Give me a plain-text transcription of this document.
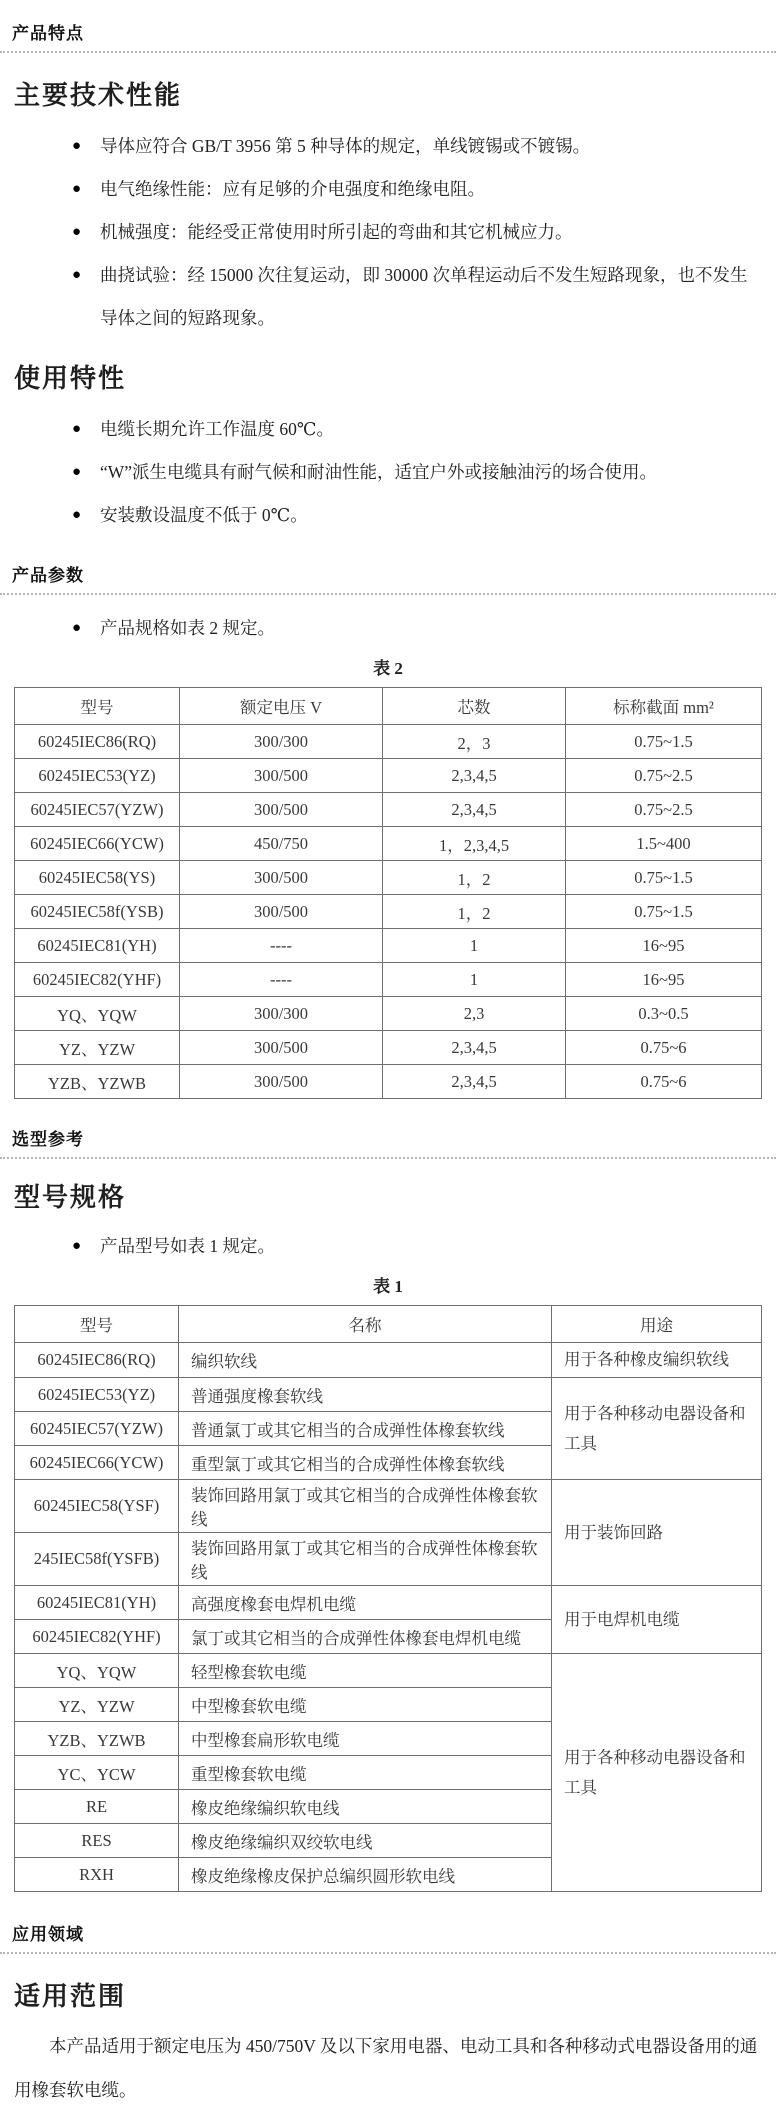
产品特点
主要技术性能
● 导体应符合 GB/T 3956 第 5 种导体的规定，单线镀锡或不镀锡。
● 电气绝缘性能：应有足够的介电强度和绝缘电阻。
● 机械强度：能经受正常使用时所引起的弯曲和其它机械应力。
● 曲挠试验：经 15000 次往复运动，即 30000 次单程运动后不发生短路现象，也不发生导体之间的短路现象。
使用特性
● 电缆长期允许工作温度 60℃。
● “W”派生电缆具有耐气候和耐油性能，适宜户外或接触油污的场合使用。
● 安装敷设温度不低于 0℃。
产品参数
● 产品规格如表 2 规定。
表 2
型号	额定电压 V	芯数	标称截面 mm²
60245IEC86(RQ)	300/300	2，3	0.75~1.5
60245IEC53(YZ)	300/500	2,3,4,5	0.75~2.5
60245IEC57(YZW)	300/500	2,3,4,5	0.75~2.5
60245IEC66(YCW)	450/750	1，2,3,4,5	1.5~400
60245IEC58(YS)	300/500	1，2	0.75~1.5
60245IEC58f(YSB)	300/500	1，2	0.75~1.5
60245IEC81(YH)	----	1	16~95
60245IEC82(YHF)	----	1	16~95
YQ、YQW	300/300	2,3	0.3~0.5
YZ、YZW	300/500	2,3,4,5	0.75~6
YZB、YZWB	300/500	2,3,4,5	0.75~6
选型参考
型号规格
● 产品型号如表 1 规定。
表 1
型号	名称	用途
60245IEC86(RQ)	编织软线	用于各种橡皮编织软线
60245IEC53(YZ)	普通强度橡套软线	用于各种移动电器设备和工具
60245IEC57(YZW)	普通氯丁或其它相当的合成弹性体橡套软线	
60245IEC66(YCW)	重型氯丁或其它相当的合成弹性体橡套软线	
60245IEC58(YSF)	装饰回路用氯丁或其它相当的合成弹性体橡套软线	用于装饰回路
245IEC58f(YSFB)	装饰回路用氯丁或其它相当的合成弹性体橡套软线	
60245IEC81(YH)	高强度橡套电焊机电缆	用于电焊机电缆
60245IEC82(YHF)	氯丁或其它相当的合成弹性体橡套电焊机电缆	
YQ、YQW	轻型橡套软电缆	用于各种移动电器设备和工具
YZ、YZW	中型橡套软电缆	
YZB、YZWB	中型橡套扁形软电缆	
YC、YCW	重型橡套软电缆	
RE	橡皮绝缘编织软电线	
RES	橡皮绝缘编织双绞软电线	
RXH	橡皮绝缘橡皮保护总编织圆形软电线	
应用领域
适用范围

本产品适用于额定电压为 450/750V 及以下家用电器、电动工具和各种移动式电器设备用的通用橡套软电缆。
